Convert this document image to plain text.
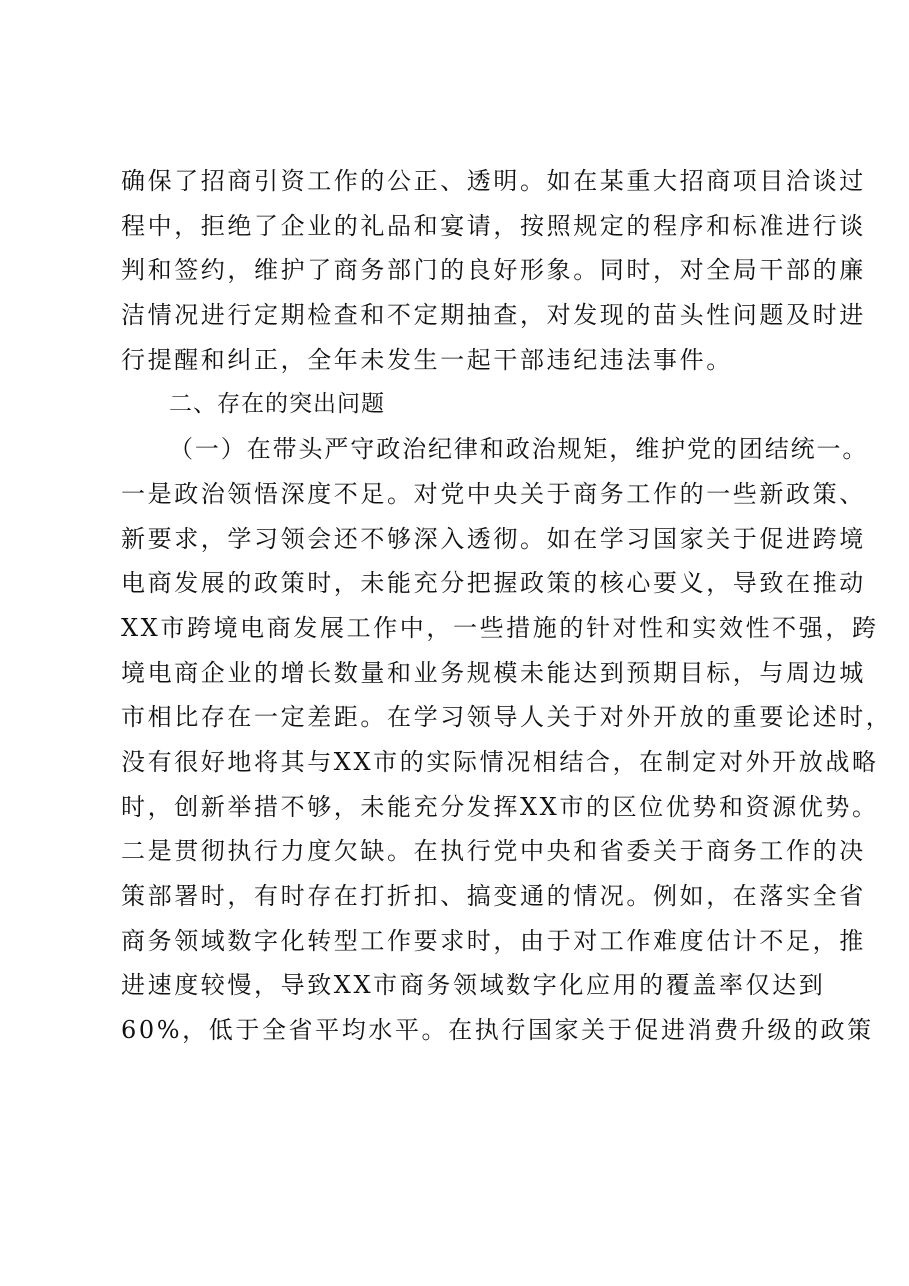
确保了招商引资工作的公正、透明。如在某重大招商项目洽谈过
程中，拒绝了企业的礼品和宴请，按照规定的程序和标准进行谈
判和签约，维护了商务部门的良好形象。同时，对全局干部的廉
洁情况进行定期检查和不定期抽查，对发现的苗头性问题及时进
行提醒和纠正，全年未发生一起干部违纪违法事件。
二、存在的突出问题
（一）在带头严守政治纪律和政治规矩，维护党的团结统一。
一是政治领悟深度不足。对党中央关于商务工作的一些新政策、
新要求，学习领会还不够深入透彻。如在学习国家关于促进跨境
电商发展的政策时，未能充分把握政策的核心要义，导致在推动
XX市跨境电商发展工作中，一些措施的针对性和实效性不强，跨
境电商企业的增长数量和业务规模未能达到预期目标，与周边城
市相比存在一定差距。在学习领导人关于对外开放的重要论述时，
没有很好地将其与XX市的实际情况相结合，在制定对外开放战略
时，创新举措不够，未能充分发挥XX市的区位优势和资源优势。
二是贯彻执行力度欠缺。在执行党中央和省委关于商务工作的决
策部署时，有时存在打折扣、搞变通的情况。例如，在落实全省
商务领域数字化转型工作要求时，由于对工作难度估计不足，推
进速度较慢，导致XX市商务领域数字化应用的覆盖率仅达到
60%，低于全省平均水平。在执行国家关于促进消费升级的政策
